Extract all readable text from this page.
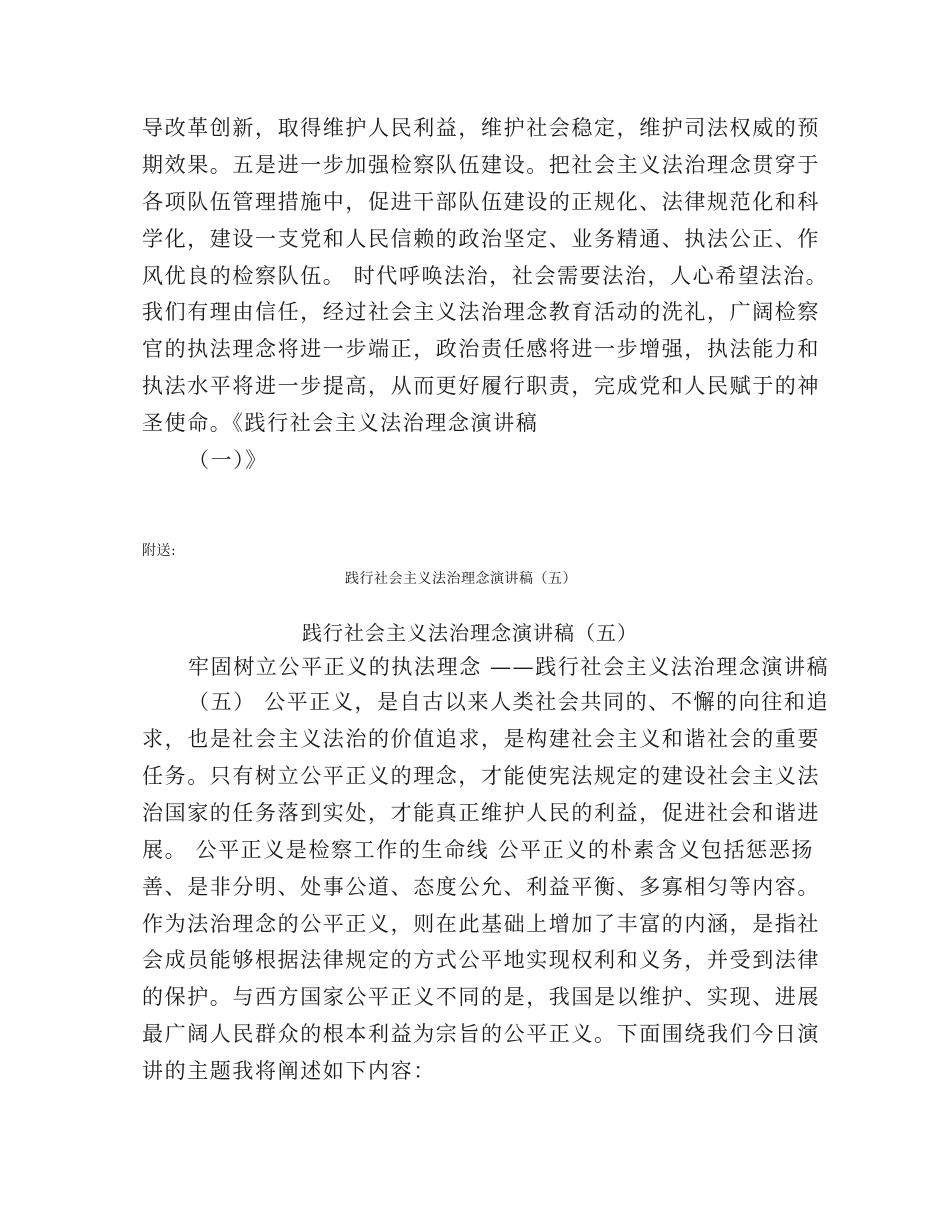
导改革创新，取得维护人民利益，维护社会稳定，维护司法权威的预
期效果。五是进一步加强检察队伍建设。把社会主义法治理念贯穿于
各项队伍管理措施中，促进干部队伍建设的正规化、法律规范化和科
学化，建设一支党和人民信赖的政治坚定、业务精通、执法公正、作
风优良的检察队伍。 时代呼唤法治，社会需要法治，人心希望法治。
我们有理由信任，经过社会主义法治理念教育活动的洗礼，广阔检察
官的执法理念将进一步端正，政治责任感将进一步增强，执法能力和
执法水平将进一步提高，从而更好履行职责，完成党和人民赋于的神
圣使命。《践行社会主义法治理念演讲稿
（一）》
附送:
践行社会主义法治理念演讲稿（五）
践行社会主义法治理念演讲稿（五）
牢固树立公平正义的执法理念 ——践行社会主义法治理念演讲稿
（五） 公平正义，是自古以来人类社会共同的、不懈的向往和追
求，也是社会主义法治的价值追求，是构建社会主义和谐社会的重要
任务。只有树立公平正义的理念，才能使宪法规定的建设社会主义法
治国家的任务落到实处，才能真正维护人民的利益，促进社会和谐进
展。 公平正义是检察工作的生命线 公平正义的朴素含义包括惩恶扬
善、是非分明、处事公道、态度公允、利益平衡、多寡相匀等内容。
作为法治理念的公平正义，则在此基础上增加了丰富的内涵，是指社
会成员能够根据法律规定的方式公平地实现权利和义务，并受到法律
的保护。与西方国家公平正义不同的是，我国是以维护、实现、进展
最广阔人民群众的根本利益为宗旨的公平正义。下面围绕我们今日演
讲的主题我将阐述如下内容：
